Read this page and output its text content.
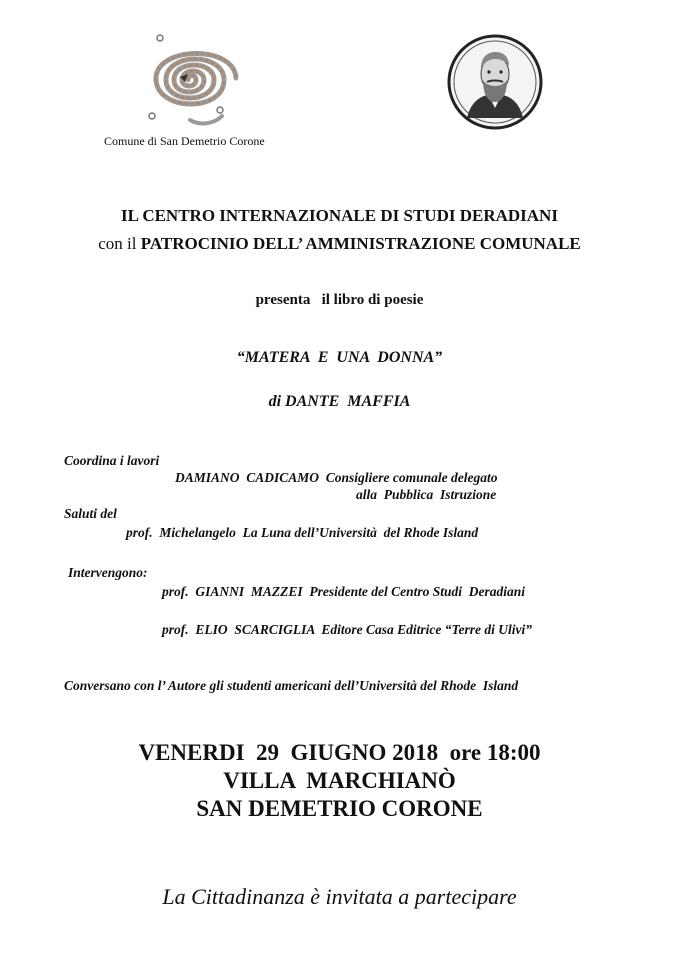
Comune di San Demetrio Corone
IL CENTRO INTERNAZIONALE DI STUDI DERADIANI
con il PATROCINIO DELL’ AMMINISTRAZIONE COMUNALE
presenta   il libro di poesie
“MATERA  E  UNA  DONNA”
di DANTE  MAFFIA
Coordina i lavori
DAMIANO  CADICAMO  Consigliere comunale delegato
alla  Pubblica  Istruzione
Saluti del
prof.  Michelangelo  La Luna dell’Università  del Rhode Island
Intervengono:
prof.  GIANNI  MAZZEI  Presidente del Centro Studi  Deradiani
prof.  ELIO  SCARCIGLIA  Editore Casa Editrice “Terre di Ulivi”
Conversano con l’ Autore gli studenti americani dell’Università del Rhode  Island
VENERDI  29  GIUGNO 2018  ore 18:00
VILLA  MARCHIANÒ
SAN DEMETRIO CORONE
La Cittadinanza è invitata a partecipare
